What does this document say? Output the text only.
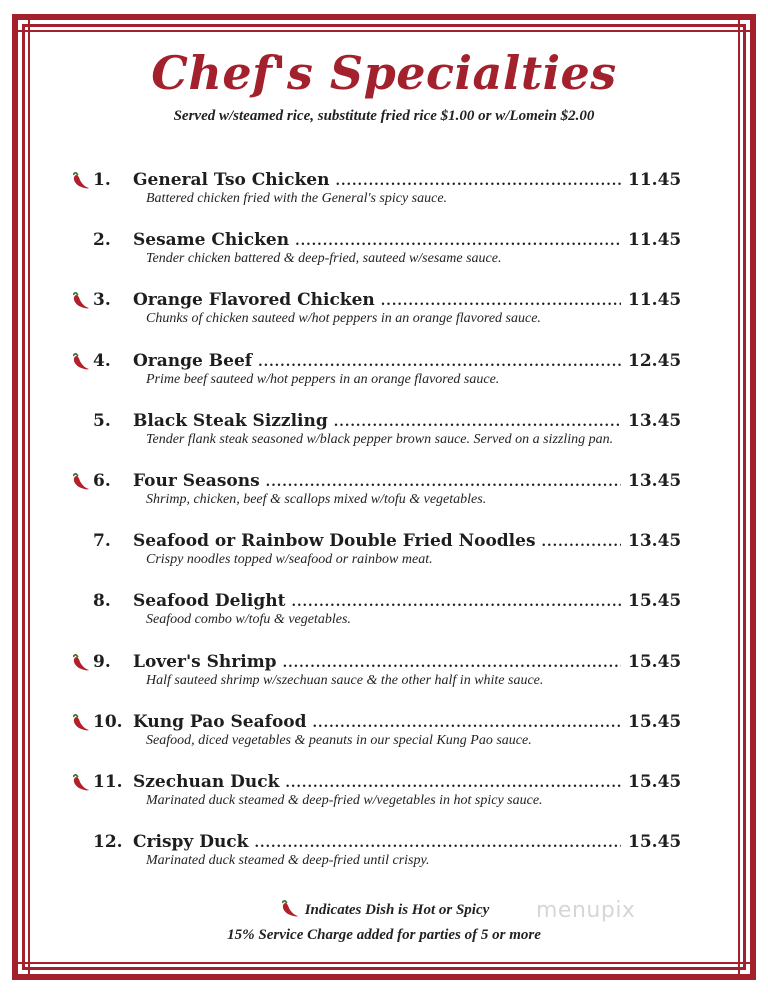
Chef's Specialties
Served w/steamed rice, substitute fried rice $1.00 or w/Lomein $2.00
1. General Tso Chicken .....	11.45
Battered chicken fried with the General's spicy sauce.
2. Sesame Chicken .....	11.45
Tender chicken battered & deep-fried, sauteed w/sesame sauce.
3. Orange Flavored Chicken .....	11.45
Chunks of chicken sauteed w/hot peppers in an orange flavored sauce.
4. Orange Beef .....	12.45
Prime beef sauteed w/hot peppers in an orange flavored sauce.
5. Black Steak Sizzling .....	13.45
Tender flank steak seasoned w/black pepper brown sauce. Served on a sizzling pan.
6. Four Seasons .....	13.45
Shrimp, chicken, beef & scallops mixed w/tofu & vegetables.
7. Seafood or Rainbow Double Fried Noodles .....	13.45
Crispy noodles topped w/seafood or rainbow meat.
8. Seafood Delight .....	15.45
Seafood combo w/tofu & vegetables.
9. Lover's Shrimp .....	15.45
Half sauteed shrimp w/szechuan sauce & the other half in white sauce.
10. Kung Pao Seafood .....	15.45
Seafood, diced vegetables & peanuts in our special Kung Pao sauce.
11. Szechuan Duck .....	15.45
Marinated duck steamed & deep-fried w/vegetables in hot spicy sauce.
12. Crispy Duck .....	15.45
Marinated duck steamed & deep-fried until crispy.
Indicates Dish is Hot or Spicy
15% Service Charge added for parties of 5 or more
menupix
